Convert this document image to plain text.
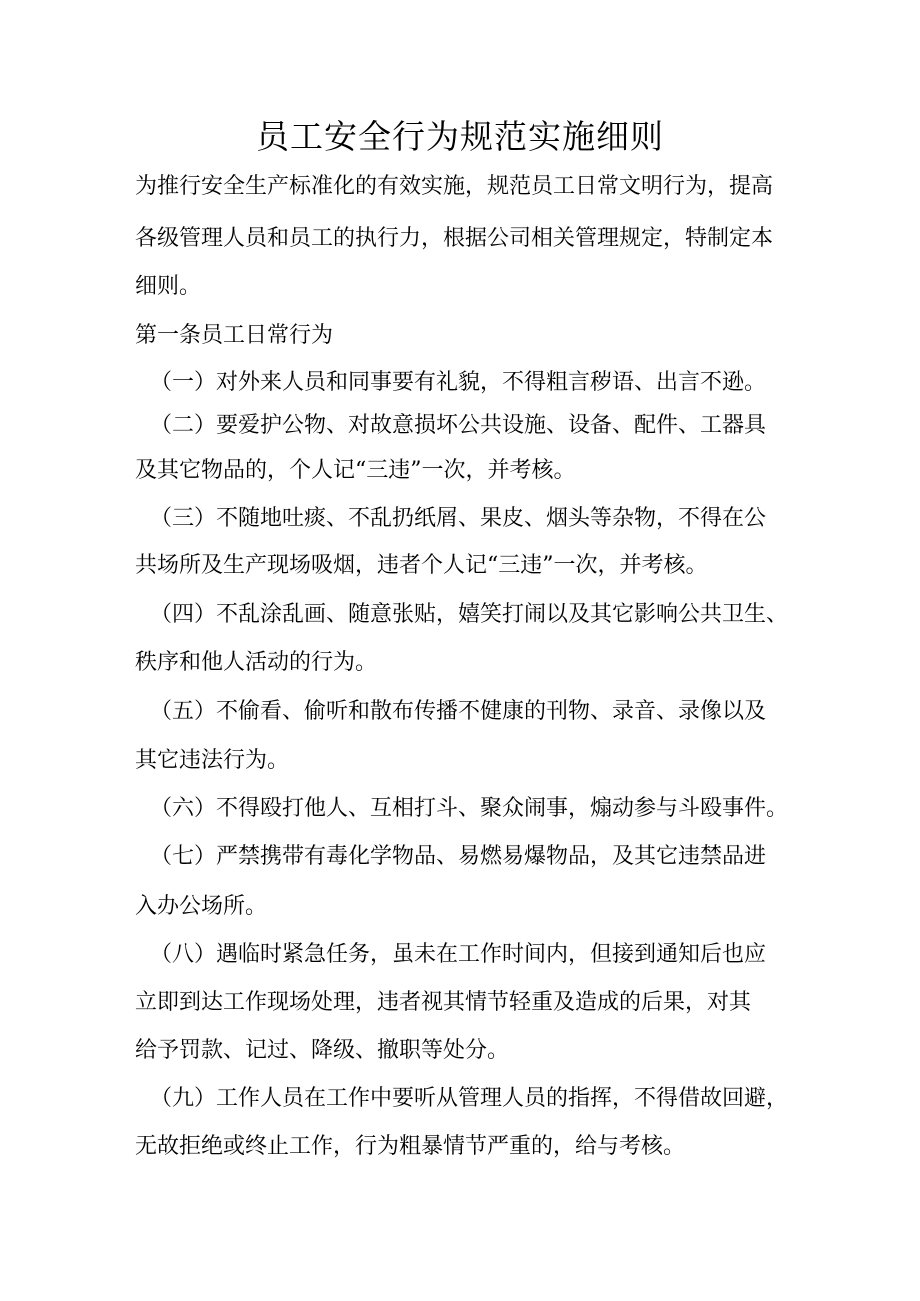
员工安全行为规范实施细则

为推行安全生产标准化的有效实施，规范员工日常文明行为，提高

各级管理人员和员工的执行力，根据公司相关管理规定，特制定本

细则。

第一条员工日常行为

（一）对外来人员和同事要有礼貌，不得粗言秽语、出言不逊。

（二）要爱护公物、对故意损坏公共设施、设备、配件、工器具

及其它物品的，个人记“三违”一次，并考核。

（三）不随地吐痰、不乱扔纸屑、果皮、烟头等杂物，不得在公

共场所及生产现场吸烟，违者个人记“三违”一次，并考核。

（四）不乱涂乱画、随意张贴，嬉笑打闹以及其它影响公共卫生、

秩序和他人活动的行为。

（五）不偷看、偷听和散布传播不健康的刊物、录音、录像以及

其它违法行为。

（六）不得殴打他人、互相打斗、聚众闹事，煽动参与斗殴事件。

（七）严禁携带有毒化学物品、易燃易爆物品，及其它违禁品进

入办公场所。

（八）遇临时紧急任务，虽未在工作时间内，但接到通知后也应

立即到达工作现场处理，违者视其情节轻重及造成的后果，对其

给予罚款、记过、降级、撤职等处分。

（九）工作人员在工作中要听从管理人员的指挥，不得借故回避，

无故拒绝或终止工作，行为粗暴情节严重的，给与考核。
